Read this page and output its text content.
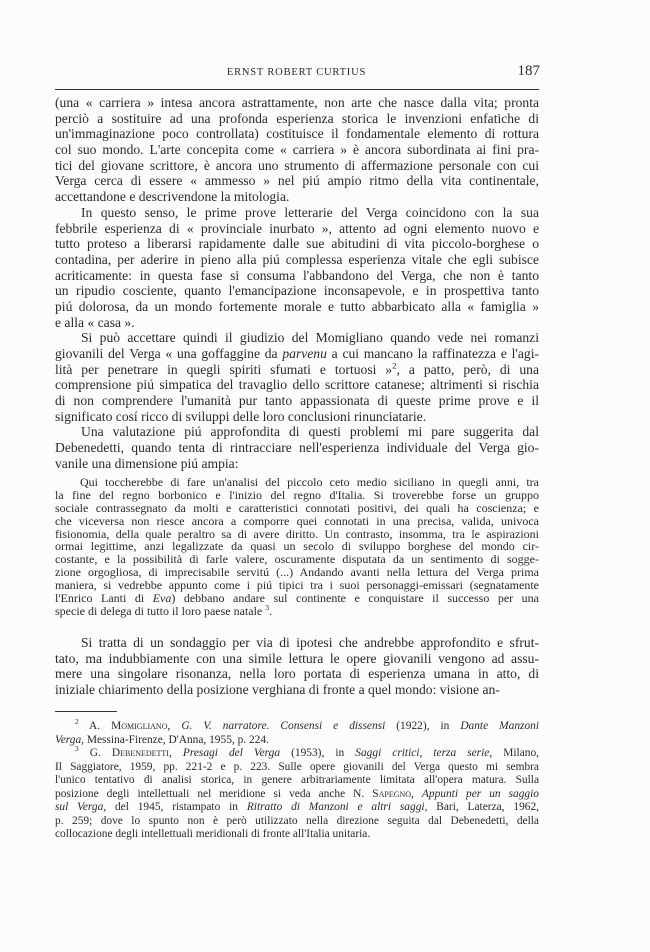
ERNST ROBERT CURTIUS	187
(una « carriera » intesa ancora astrattamente, non arte che nasce dalla vita; pronta
perciò a sostituire ad una profonda esperienza storica le invenzioni enfatiche di
un'immaginazione poco controllata) costituisce il fondamentale elemento di rottura
col suo mondo. L'arte concepita come « carriera » è ancora subordinata ai fini pra-
tici del giovane scrittore, è ancora uno strumento di affermazione personale con cui
Verga cerca di essere « ammesso » nel piú ampio ritmo della vita continentale,
accettandone e descrivendone la mitologia.
In questo senso, le prime prove letterarie del Verga coincidono con la sua
febbrile esperienza di « provinciale inurbato », attento ad ogni elemento nuovo e
tutto proteso a liberarsi rapidamente dalle sue abitudini di vita piccolo-borghese o
contadina, per aderire in pieno alla piú complessa esperienza vitale che egli subisce
acriticamente: in questa fase si consuma l'abbandono del Verga, che non è tanto
un ripudio cosciente, quanto l'emancipazione inconsapevole, e in prospettiva tanto
piú dolorosa, da un mondo fortemente morale e tutto abbarbicato alla « famiglia »
e alla « casa ».
Si può accettare quindi il giudizio del Momigliano quando vede nei romanzi
giovanili del Verga « una goffaggine da parvenu a cui mancano la raffinatezza e l'agi-
lità per penetrare in quegli spiriti sfumati e tortuosi »$^2$, a patto, però, di una
comprensione piú simpatica del travaglio dello scrittore catanese; altrimenti si rischia
di non comprendere l'umanità pur tanto appassionata di queste prime prove e il
significato cosí ricco di sviluppi delle loro conclusioni rinunciatarie.
Una valutazione piú approfondita di questi problemi mi pare suggerita dal
Debenedetti, quando tenta di rintracciare nell'esperienza individuale del Verga gio-
vanile una dimensione piú ampia:
Qui toccherebbe di fare un'analisi del piccolo ceto medio siciliano in quegli anni, tra
la fine del regno borbonico e l'inizio del regno d'Italia. Si troverebbe forse un gruppo
sociale contrassegnato da molti e caratteristici connotati positivi, dei quali ha coscienza; e
che viceversa non riesce ancora a comporre quei connotati in una precisa, valida, univoca
fisionomia, della quale peraltro sa di avere diritto. Un contrasto, insomma, tra le aspirazioni
ormai legittime, anzi legalizzate da quasi un secolo di sviluppo borghese del mondo cir-
costante, e la possibilità di farle valere, oscuramente disputata da un sentimento di sogge-
zione orgogliosa, di imprecisabile servitú (...) Andando avanti nella lettura del Verga prima
maniera, si vedrebbe appunto come i piú tipici tra i suoi personaggi-emissari (segnatamente
l'Enrico Lanti di Eva) debbano andare sul continente e conquistare il successo per una
specie di delega di tutto il loro paese natale $^3$.
Si tratta di un sondaggio per via di ipotesi che andrebbe approfondito e sfrut-
tato, ma indubbiamente con una simile lettura le opere giovanili vengono ad assu-
mere una singolare risonanza, nella loro portata di esperienza umana in atto, di
iniziale chiarimento della posizione verghiana di fronte a quel mondo: visione an-
$^2$ A. Momigliano, G. V. narratore. Consensi e dissensi (1922), in Dante Manzoni
Verga, Messina-Firenze, D'Anna, 1955, p. 224.
$^3$ G. Debenedetti, Presagi del Verga (1953), in Saggi critici, terza serie, Milano,
Il Saggiatore, 1959, pp. 221-2 e p. 223. Sulle opere giovanili del Verga questo mi sembra
l'unico tentativo di analisi storica, in genere arbitrariamente limitata all'opera matura. Sulla
posizione degli intellettuali nel meridione si veda anche N. Sapegno, Appunti per un saggio
sul Verga, del 1945, ristampato in Ritratto di Manzoni e altri saggi, Bari, Laterza, 1962,
p. 259; dove lo spunto non è però utilizzato nella direzione seguita dal Debenedetti, della
collocazione degli intellettuali meridionali di fronte all'Italia unitaria.
